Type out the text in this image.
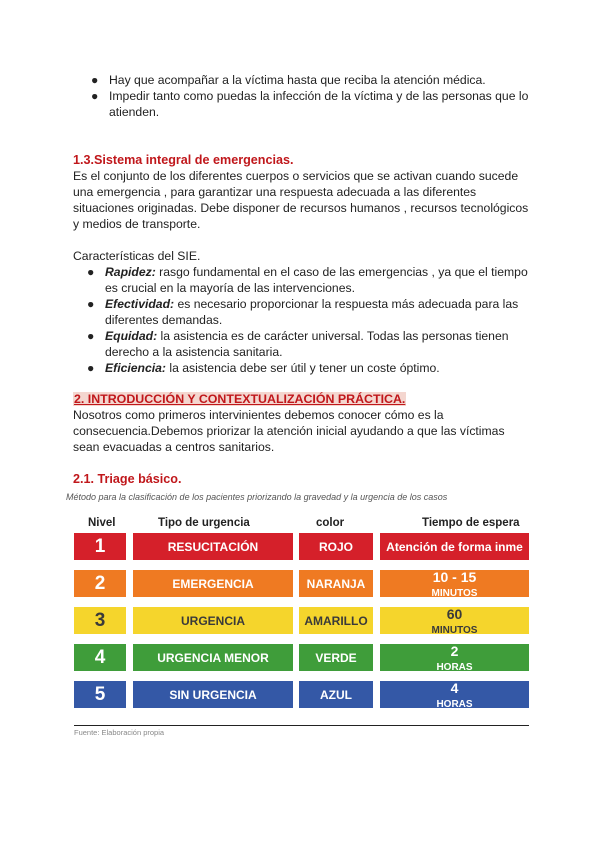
● Hay que acompañar a la víctima hasta que reciba la atención médica.
● Impedir tanto como puedas la infección de la víctima y de las personas que lo atienden.
1.3.Sistema integral de emergencias.
Es el conjunto de los diferentes cuerpos o servicios que se activan cuando sucede una emergencia , para garantizar una respuesta adecuada a las diferentes situaciones originadas. Debe disponer de recursos humanos , recursos tecnológicos y medios de transporte.
Características del SIE.
● Rapidez: rasgo fundamental en el caso de las emergencias , ya que el tiempo es crucial en la mayoría de las intervenciones.
● Efectividad: es necesario proporcionar la respuesta más adecuada para las diferentes demandas.
● Equidad: la asistencia es de carácter universal. Todas las personas tienen derecho a la asistencia sanitaria.
● Eficiencia: la asistencia debe ser útil y tener un coste óptimo.
2. INTRODUCCIÓN Y CONTEXTUALIZACIÓN PRÁCTICA.
Nosotros como primeros intervinientes debemos conocer cómo es la consecuencia.Debemos priorizar la atención inicial ayudando a que las víctimas sean evacuadas a centros sanitarios.
2.1. Triage básico.
Método para la clasificación de los pacientes priorizando la gravedad y la urgencia de los casos
Nivel	Tipo de urgencia	color	Tiempo de espera
1	RESUCITACIÓN	ROJO	Atención de forma inme
2	EMERGENCIA	NARANJA	10 - 15
MINUTOS
3	URGENCIA	AMARILLO	60
MINUTOS
4	URGENCIA MENOR	VERDE	2
HORAS
5	SIN URGENCIA	AZUL	4
HORAS
Fuente: Elaboración propia
